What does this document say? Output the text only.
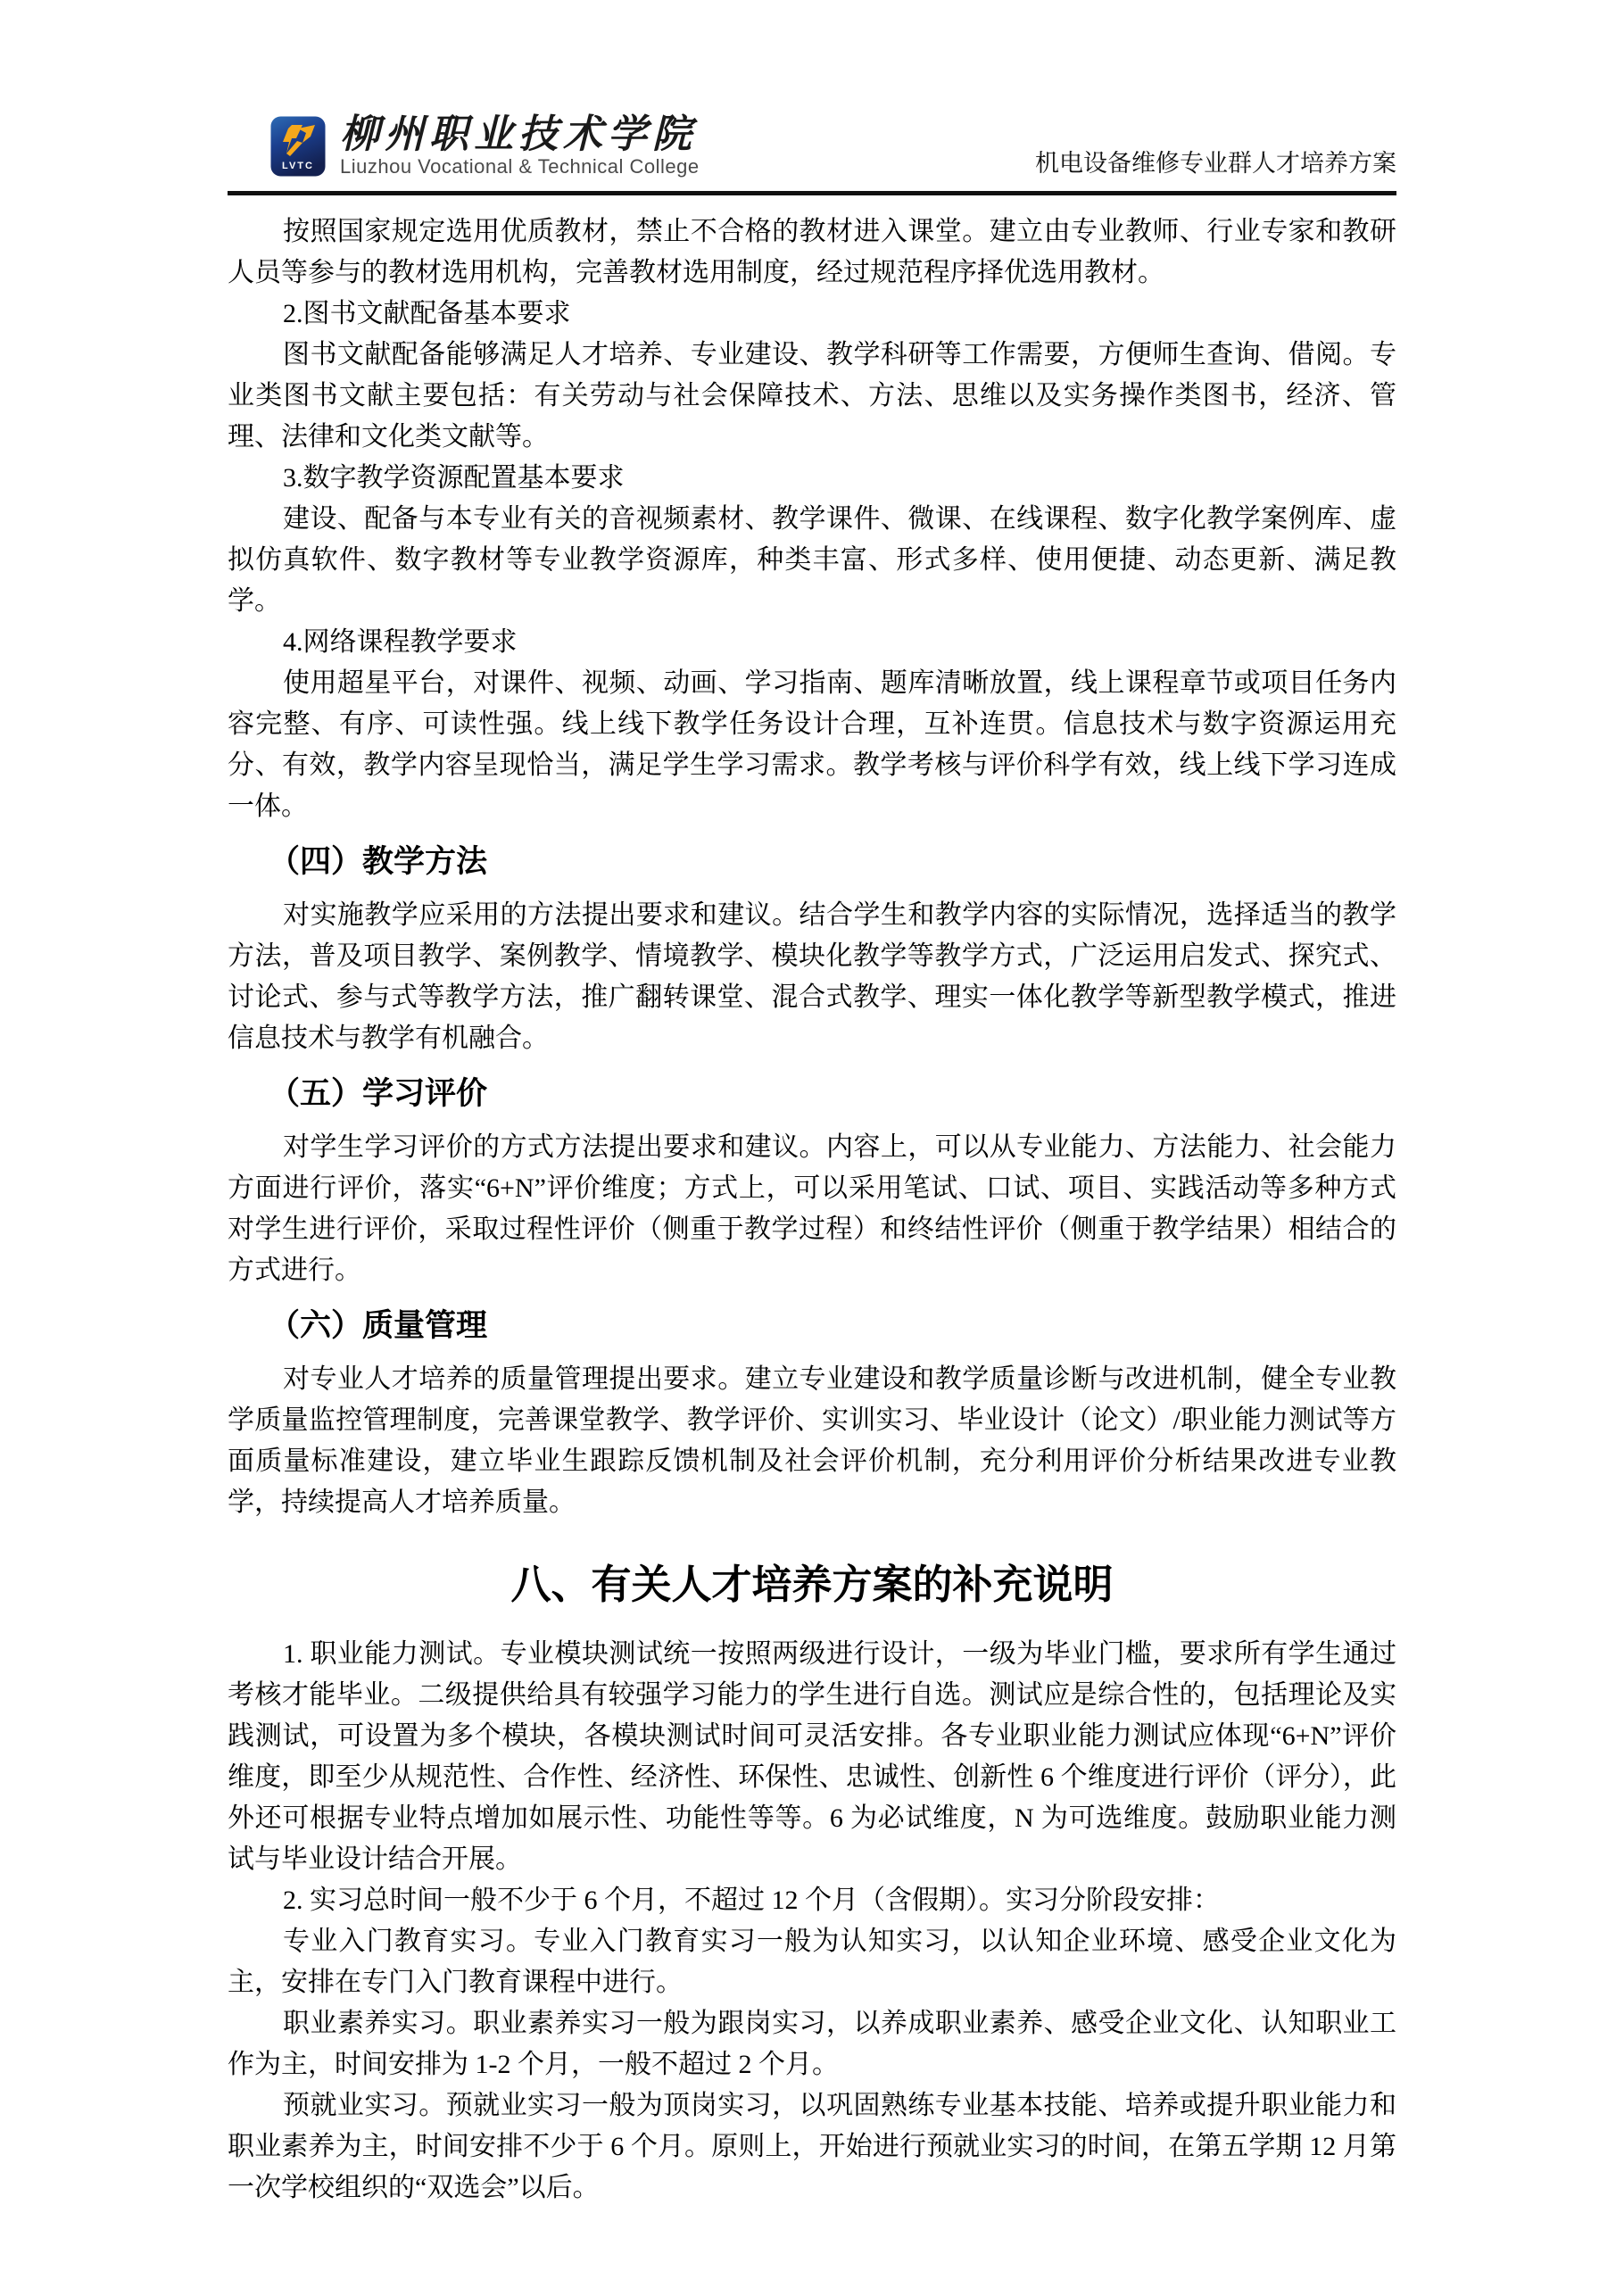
LVTC
柳州职业技术学院
Liuzhou Vocational & Technical College	机电设备维修专业群人才培养方案

按照国家规定选用优质教材，禁止不合格的教材进入课堂。建立由专业教师、行业专家和教研人员等参与的教材选用机构，完善教材选用制度，经过规范程序择优选用教材。

2.图书文献配备基本要求

图书文献配备能够满足人才培养、专业建设、教学科研等工作需要，方便师生查询、借阅。专业类图书文献主要包括：有关劳动与社会保障技术、方法、思维以及实务操作类图书，经济、管理、法律和文化类文献等。

3.数字教学资源配置基本要求

建设、配备与本专业有关的音视频素材、教学课件、微课、在线课程、数字化教学案例库、虚拟仿真软件、数字教材等专业教学资源库，种类丰富、形式多样、使用便捷、动态更新、满足教学。

4.网络课程教学要求

使用超星平台，对课件、视频、动画、学习指南、题库清晰放置，线上课程章节或项目任务内容完整、有序、可读性强。线上线下教学任务设计合理，互补连贯。信息技术与数字资源运用充分、有效，教学内容呈现恰当，满足学生学习需求。教学考核与评价科学有效，线上线下学习连成一体。

（四）教学方法

对实施教学应采用的方法提出要求和建议。结合学生和教学内容的实际情况，选择适当的教学方法，普及项目教学、案例教学、情境教学、模块化教学等教学方式，广泛运用启发式、探究式、讨论式、参与式等教学方法，推广翻转课堂、混合式教学、理实一体化教学等新型教学模式，推进信息技术与教学有机融合。

（五）学习评价

对学生学习评价的方式方法提出要求和建议。内容上，可以从专业能力、方法能力、社会能力方面进行评价，落实“6+N”评价维度；方式上，可以采用笔试、口试、项目、实践活动等多种方式对学生进行评价，采取过程性评价（侧重于教学过程）和终结性评价（侧重于教学结果）相结合的方式进行。

（六）质量管理

对专业人才培养的质量管理提出要求。建立专业建设和教学质量诊断与改进机制，健全专业教学质量监控管理制度，完善课堂教学、教学评价、实训实习、毕业设计（论文）/职业能力测试等方面质量标准建设，建立毕业生跟踪反馈机制及社会评价机制，充分利用评价分析结果改进专业教学，持续提高人才培养质量。

八、有关人才培养方案的补充说明

1. 职业能力测试。专业模块测试统一按照两级进行设计，一级为毕业门槛，要求所有学生通过考核才能毕业。二级提供给具有较强学习能力的学生进行自选。测试应是综合性的，包括理论及实践测试，可设置为多个模块，各模块测试时间可灵活安排。各专业职业能力测试应体现“6+N”评价维度，即至少从规范性、合作性、经济性、环保性、忠诚性、创新性 6 个维度进行评价（评分），此外还可根据专业特点增加如展示性、功能性等等。6 为必试维度，N 为可选维度。鼓励职业能力测试与毕业设计结合开展。

2. 实习总时间一般不少于 6 个月，不超过 12 个月（含假期）。实习分阶段安排：

专业入门教育实习。专业入门教育实习一般为认知实习，以认知企业环境、感受企业文化为主，安排在专门入门教育课程中进行。

职业素养实习。职业素养实习一般为跟岗实习，以养成职业素养、感受企业文化、认知职业工作为主，时间安排为 1-2 个月，一般不超过 2 个月。

预就业实习。预就业实习一般为顶岗实习，以巩固熟练专业基本技能、培养或提升职业能力和职业素养为主，时间安排不少于 6 个月。原则上，开始进行预就业实习的时间，在第五学期 12 月第一次学校组织的“双选会”以后。
